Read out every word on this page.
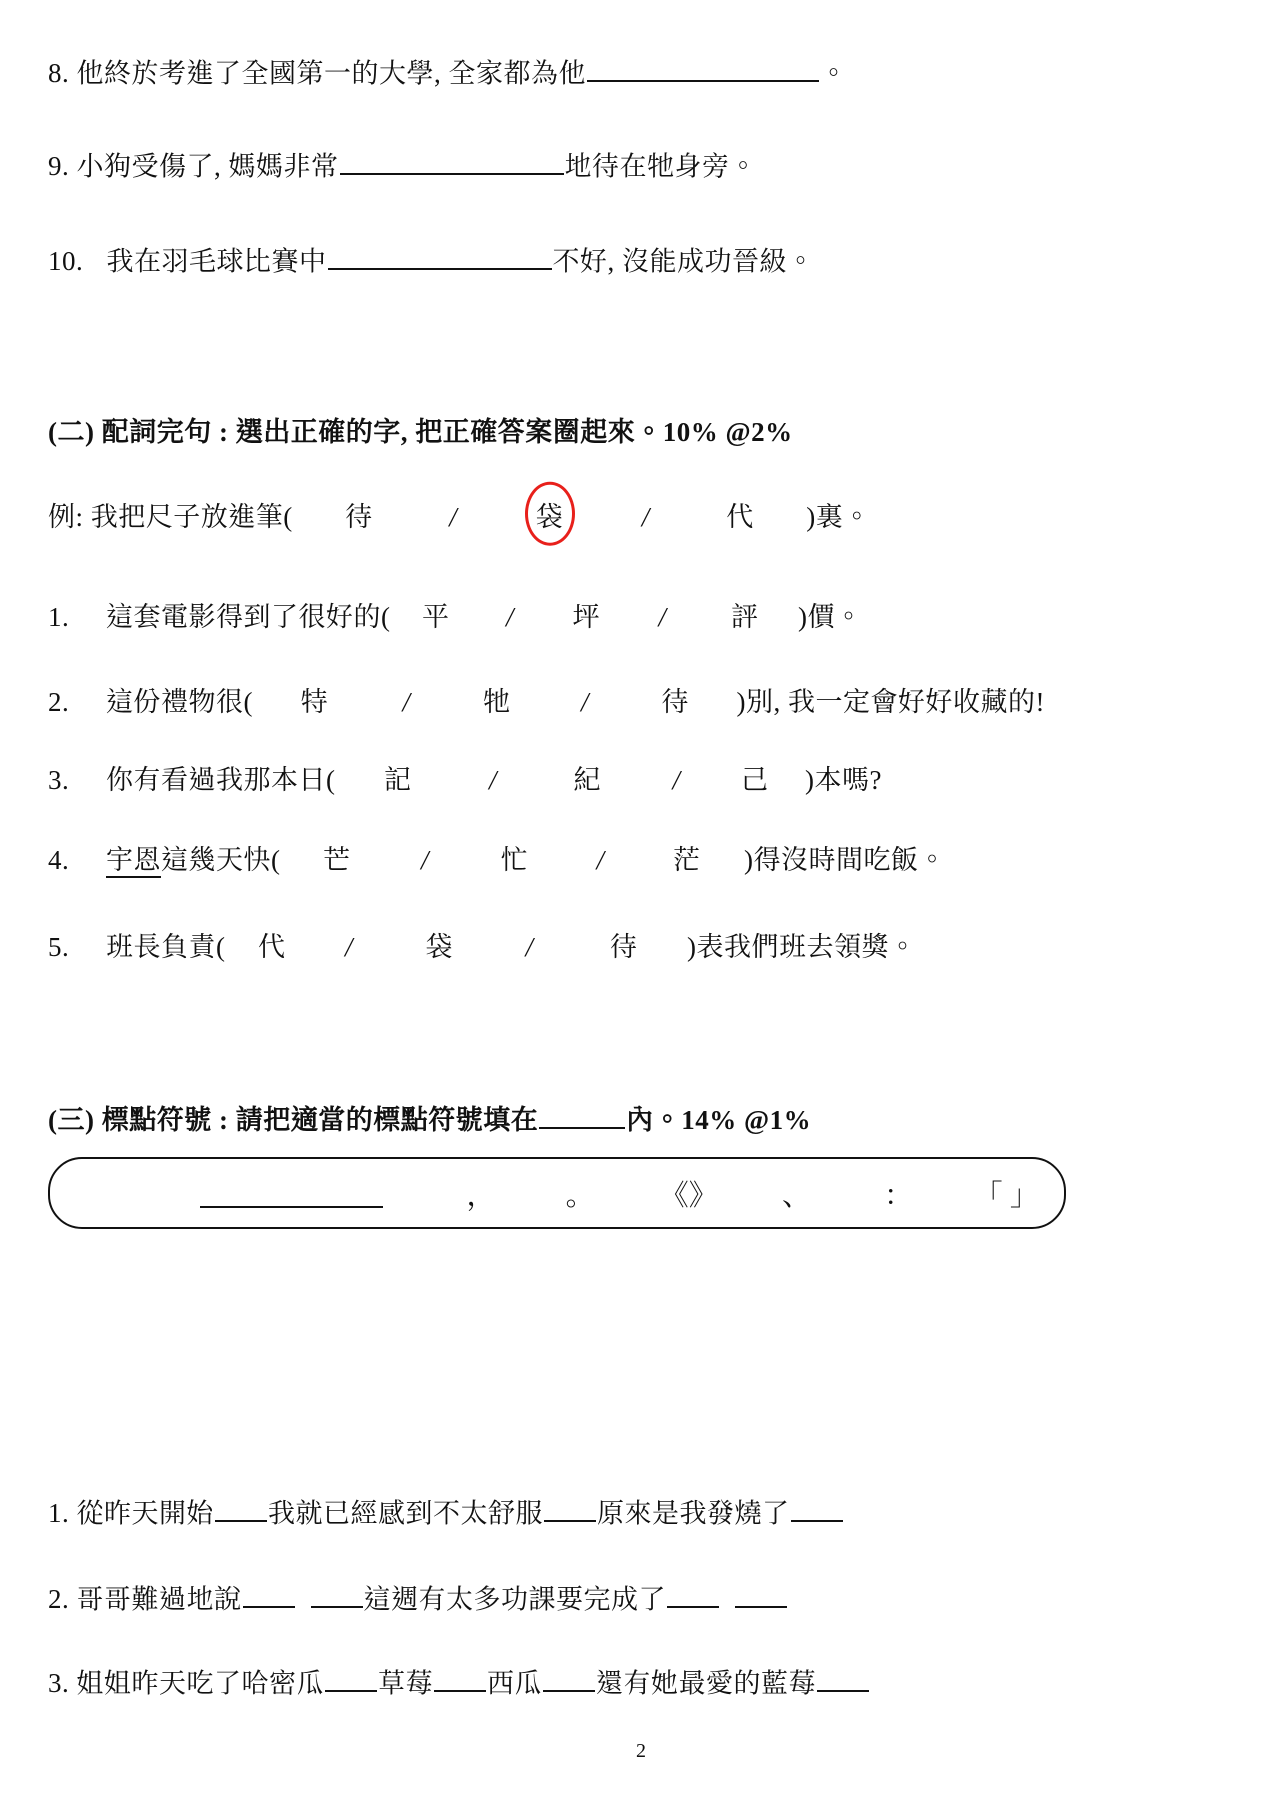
8. 他終於考進了全國第一的大學, 全家都為他	。
9. 小狗受傷了, 媽媽非常	地待在牠身旁。
10. 我在羽毛球比賽中	不好, 沒能成功晉級。
(二) 配詞完句 : 選出正確的字, 把正確答案圈起來。10% @2%
例: 我把尺子放進筆( 待	/	袋	/	代 )裏。
1. 這套電影得到了很好的( 平 / 坪 / 評 )價。
2. 這份禮物很( 特	/	牠	/	待 )別, 我一定會好好收藏的!
3. 你有看過我那本日( 記	/	紀	/ 己 )本嗎?
4. 宇恩這幾天快( 芒	/	忙	/	茫 )得沒時間吃飯。
5. 班長負責( 代 /	袋	/	待 )表我們班去領獎。
(三) 標點符號 : 請把適當的標點符號填在	內。14% @1%
，	。	《》	、	：	「 」
1. 從昨天開始 我就已經感到不太舒服 原來是我發燒了
2. 哥哥難過地說	這週有太多功課要完成了
3. 姐姐昨天吃了哈密瓜 草莓 西瓜 還有她最愛的藍莓
2
